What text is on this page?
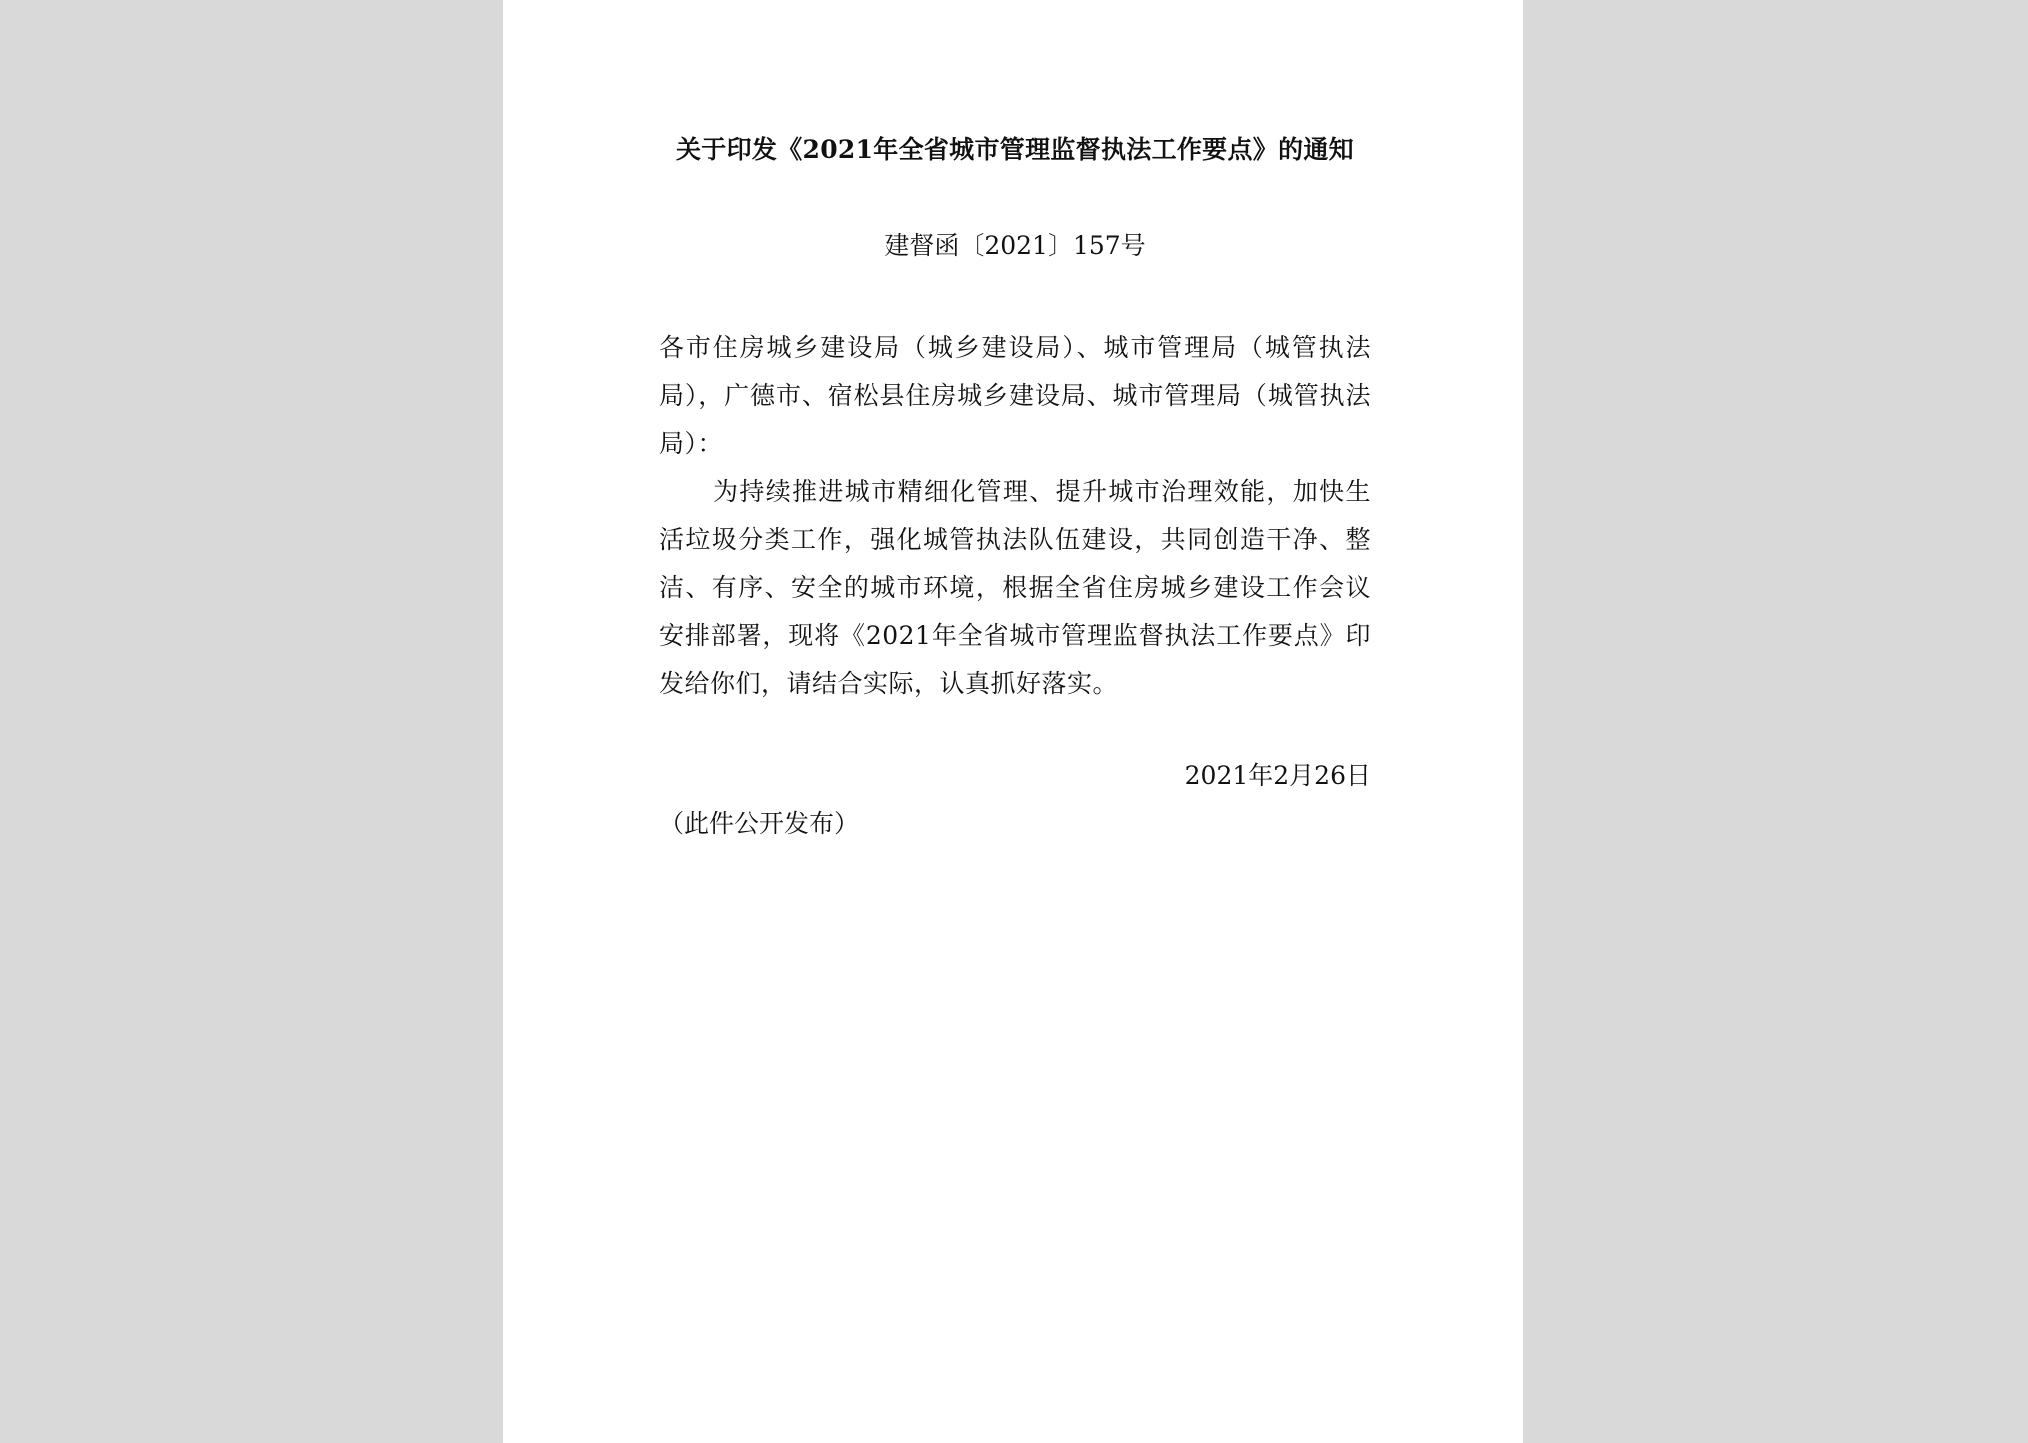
关于印发《2021年全省城市管理监督执法工作要点》的通知
建督函〔2021〕157号
各市住房城乡建设局（城乡建设局）、城市管理局（城管执法局），广德市、宿松县住房城乡建设局、城市管理局（城管执法局）：
为持续推进城市精细化管理、提升城市治理效能，加快生活垃圾分类工作，强化城管执法队伍建设，共同创造干净、整洁、有序、安全的城市环境，根据全省住房城乡建设工作会议安排部署，现将《2021年全省城市管理监督执法工作要点》印发给你们，请结合实际，认真抓好落实。
2021年2月26日
（此件公开发布）
